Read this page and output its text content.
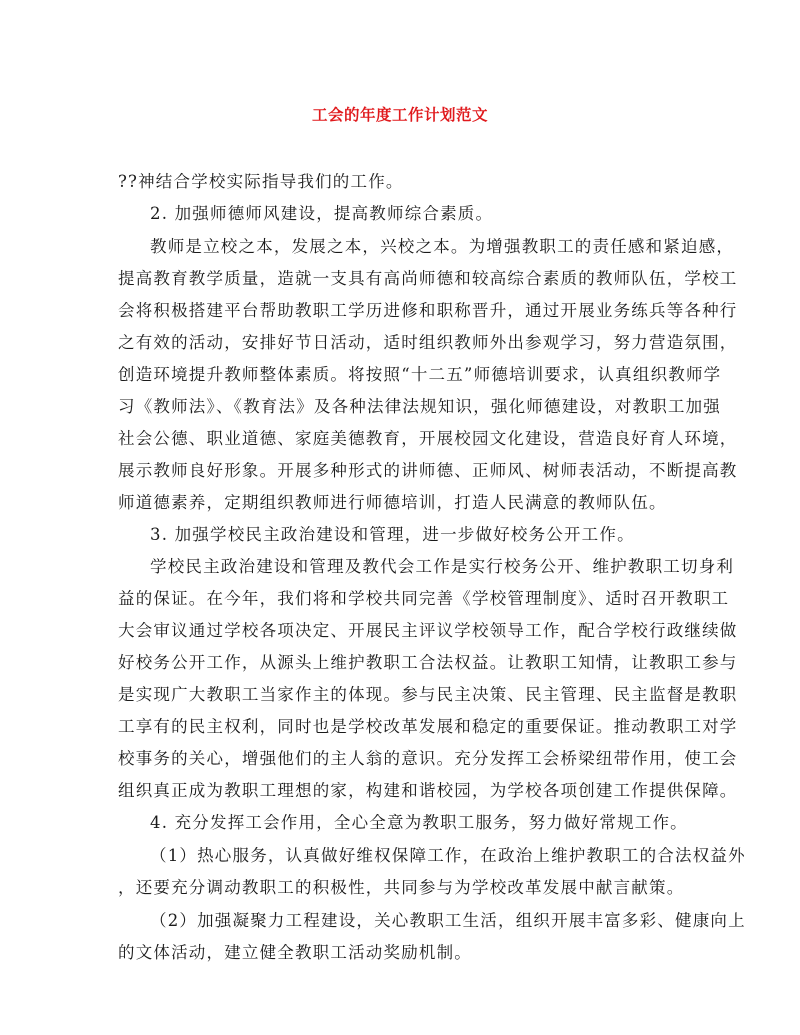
工会的年度工作计划范文
??神结合学校实际指导我们的工作。
2. 加强师德师风建设，提高教师综合素质。
教师是立校之本，发展之本，兴校之本。为增强教职工的责任感和紧迫感，
提高教育教学质量，造就一支具有高尚师德和较高综合素质的教师队伍，学校工
会将积极搭建平台帮助教职工学历进修和职称晋升，通过开展业务练兵等各种行
之有效的活动，安排好节日活动，适时组织教师外出参观学习，努力营造氛围，
创造环境提升教师整体素质。将按照“十二五”师德培训要求，认真组织教师学
习《教师法》、《教育法》及各种法律法规知识，强化师德建设，对教职工加强
社会公德、职业道德、家庭美德教育，开展校园文化建设，营造良好育人环境，
展示教师良好形象。开展多种形式的讲师德、正师风、树师表活动，不断提高教
师道德素养，定期组织教师进行师德培训，打造人民满意的教师队伍。
3. 加强学校民主政治建设和管理，进一步做好校务公开工作。
学校民主政治建设和管理及教代会工作是实行校务公开、维护教职工切身利
益的保证。在今年，我们将和学校共同完善《学校管理制度》、适时召开教职工
大会审议通过学校各项决定、开展民主评议学校领导工作，配合学校行政继续做
好校务公开工作，从源头上维护教职工合法权益。让教职工知情，让教职工参与
是实现广大教职工当家作主的体现。参与民主决策、民主管理、民主监督是教职
工享有的民主权利，同时也是学校改革发展和稳定的重要保证。推动教职工对学
校事务的关心，增强他们的主人翁的意识。充分发挥工会桥梁纽带作用，使工会
组织真正成为教职工理想的家，构建和谐校园，为学校各项创建工作提供保障。
4. 充分发挥工会作用，全心全意为教职工服务，努力做好常规工作。
（1）热心服务，认真做好维权保障工作，在政治上维护教职工的合法权益外
，还要充分调动教职工的积极性，共同参与为学校改革发展中献言献策。
（2）加强凝聚力工程建设，关心教职工生活，组织开展丰富多彩、健康向上
的文体活动，建立健全教职工活动奖励机制。
